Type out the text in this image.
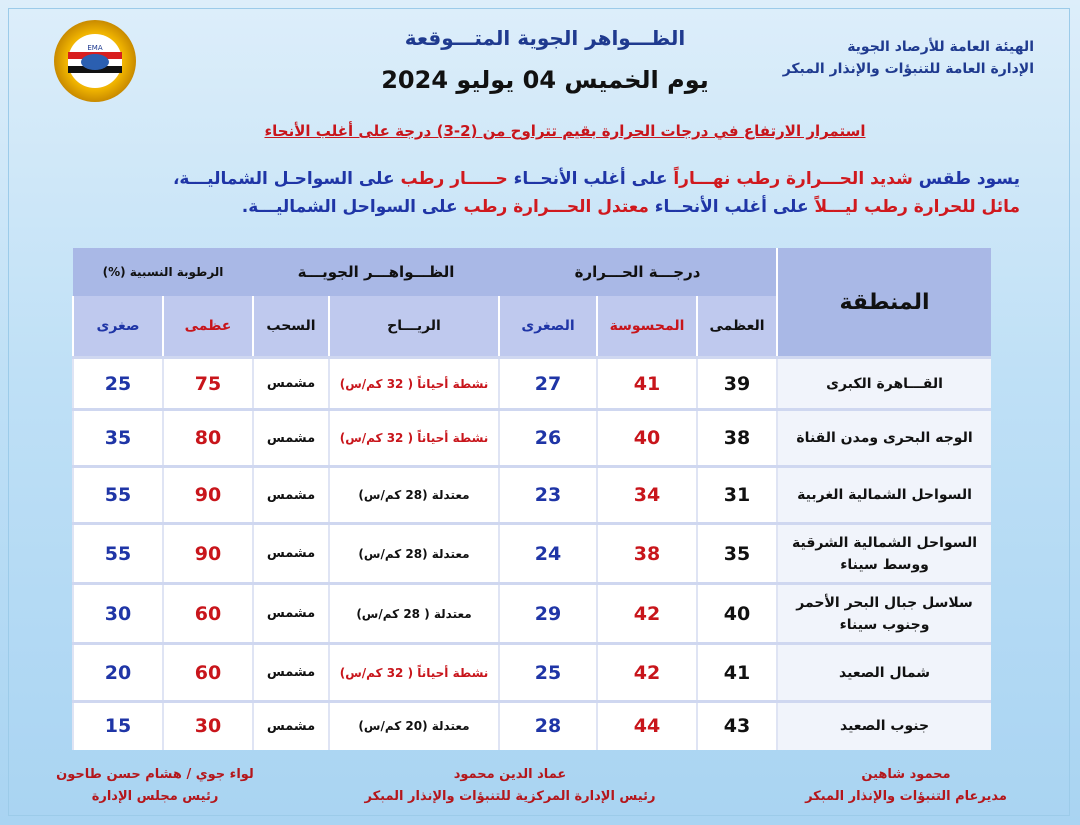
EMA	الهيئة العامة للأرصاد الجوية
الإدارة العامة للتنبؤات والإنذار المبكر
الظـــواهر الجوية المتـــوقعة
يوم الخميس 04 يوليو 2024
استمرار الارتفاع في درجات الحرارة بقيم تتراوح من (2-3) درجة على أغلب الأنحاء
يسود طقس شديد الحـــرارة رطب نهـــاراً على أغلب الأنحــاء حـــــار رطب على السواحـل الشماليـــة،
مائل للحرارة رطب ليـــلاً على أغلب الأنحــاء معتدل الحـــرارة رطب على السواحل الشماليـــة.
المنطقة	درجـــة الحـــرارة			الظـــواهـــر الجويـــة		الرطوبة النسبية (%)	
	العظمى	المحسوسة	الصغرى	الريـــاح	السحب	عظمى	صغرى
القـــاهرة الكبرى	39	41	27	نشطة أحياناً ( 32 كم/س)	مشمس	75	25
الوجه البحرى ومدن القناة	38	40	26	نشطة أحياناً ( 32 كم/س)	مشمس	80	35
السواحل الشمالية الغربية	31	34	23	معتدلة (28 كم/س)	مشمس	90	55

السواحل الشمالية الشرقية
ووسط سيناء	35	38	24	معتدلة (28 كم/س)	مشمس	90	55

سلاسل جبال البحر الأحمر
وجنوب سيناء	40	42	29	معتدلة ( 28 كم/س)	مشمس	60	30
شمال الصعيد	41	42	25	نشطة أحياناً ( 32 كم/س)	مشمس	60	20
جنوب الصعيد	43	44	28	معتدلة (20 كم/س)	مشمس	30	15
محمود شاهين
مديرعام التنبؤات والإنذار المبكر
عماد الدين محمود
رئيس الإدارة المركزية للتنبؤات والإنذار المبكر
لواء جوي / هشام حسن طاحون
رئيس مجلس الإدارة
